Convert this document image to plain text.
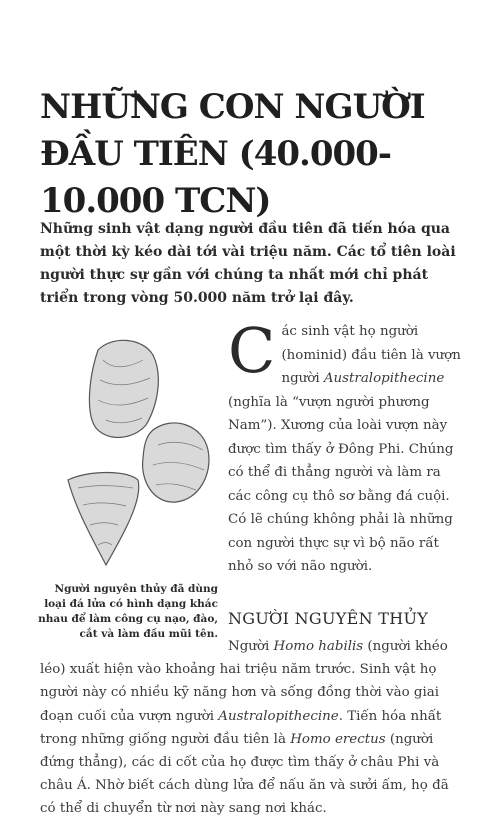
NHỮNG CON NGƯỜI ĐẦU TIÊN (40.000-10.000 TCN)

Những sinh vật dạng người đầu tiên đã tiến hóa qua một thời kỳ kéo dài tới vài triệu năm. Các tổ tiên loài người thực sự gần với chúng ta nhất mới chỉ phát triển trong vòng 50.000 năm trở lại đây.

Người nguyên thủy đã dùng loại đá lửa có hình dạng khác nhau để làm công cụ nạo, đào, cắt và làm đầu mũi tên.

Các sinh vật họ người (hominid) đầu tiên là vượn người Australopithecine (nghĩa là “vượn người phương Nam”). Xương của loài vượn này được tìm thấy ở Đông Phi. Chúng có thể đi thẳng người và làm ra các công cụ thô sơ bằng đá cuội. Có lẽ chúng không phải là những con người thực sự vì bộ não rất nhỏ so với não người.

NGƯỜI NGUYÊN THỦY

Người Homo habilis (người khéo léo) xuất hiện vào khoảng hai triệu năm trước. Sinh vật họ người này có nhiều kỹ năng hơn và sống đồng thời vào giai đoạn cuối của vượn người Australopithecine. Tiến hóa nhất trong những giống người đầu tiên là Homo erectus (người đứng thẳng), các di cốt của họ được tìm thấy ở châu Phi và châu Á. Nhờ biết cách dùng lửa để nấu ăn và sưởi ấm, họ đã có thể di chuyển từ nơi này sang nơi khác.
